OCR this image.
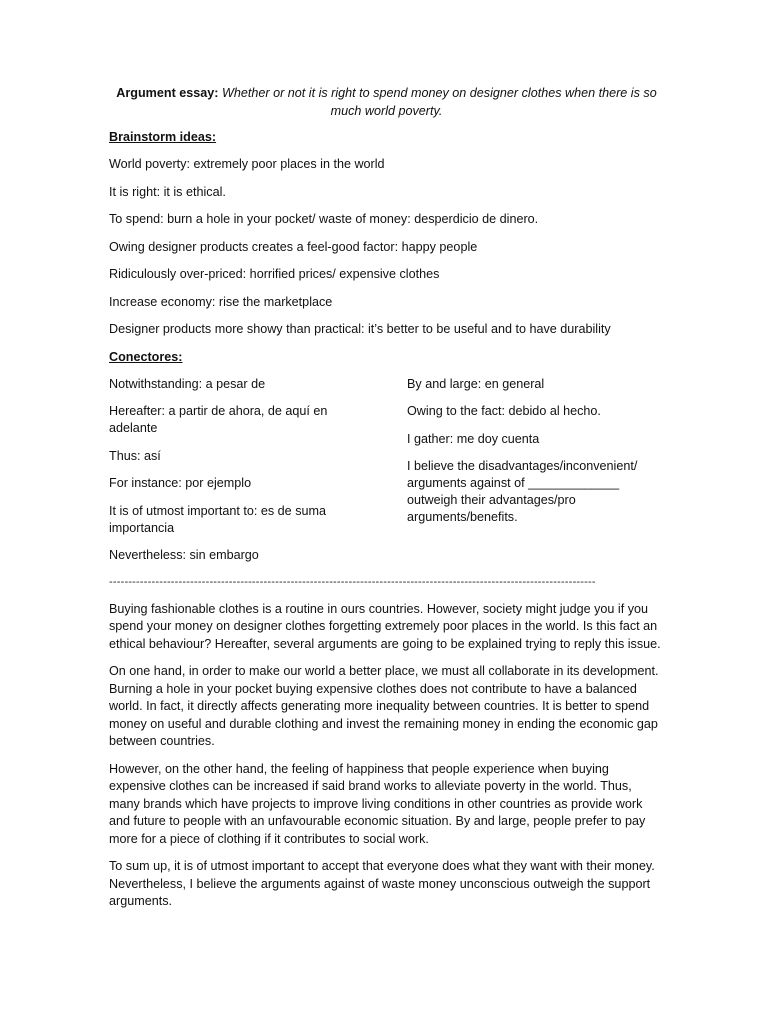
Argument essay: Whether or not it is right to spend money on designer clothes when there is so much world poverty.
Brainstorm ideas:
World poverty: extremely poor places in the world
It is right: it is ethical.
To spend: burn a hole in your pocket/ waste of money: desperdicio de dinero.
Owing designer products creates a feel-good factor: happy people
Ridiculously over-priced: horrified prices/ expensive clothes
Increase economy: rise the marketplace
Designer products more showy than practical: it’s better to be useful and to have durability
Conectores:
Notwithstanding: a pesar de
Hereafter: a partir de ahora, de aquí en adelante
Thus: así
For instance: por ejemplo
It is of utmost important to: es de suma importancia
Nevertheless: sin embargo
By and large: en general
Owing to the fact: debido al hecho.
I gather: me doy cuenta
I believe the disadvantages/inconvenient/ arguments against of _____________ outweigh their advantages/pro arguments/benefits.
------------------------------------------------------------------------------------------------------------------------------

Buying fashionable clothes is a routine in ours countries. However, society might judge you if you spend your money on designer clothes forgetting extremely poor places in the world. Is this fact an ethical behaviour? Hereafter, several arguments are going to be explained trying to reply this issue.

On one hand, in order to make our world a better place, we must all collaborate in its development. Burning a hole in your pocket buying expensive clothes does not contribute to have a balanced world. In fact, it directly affects generating more inequality between countries. It is better to spend money on useful and durable clothing and invest the remaining money in ending the economic gap between countries.

However, on the other hand, the feeling of happiness that people experience when buying expensive clothes can be increased if said brand works to alleviate poverty in the world. Thus, many brands which have projects to improve living conditions in other countries as provide work and future to people with an unfavourable economic situation. By and large, people prefer to pay more for a piece of clothing if it contributes to social work.

To sum up, it is of utmost important to accept that everyone does what they want with their money. Nevertheless, I believe the arguments against of waste money unconscious outweigh the support arguments.
